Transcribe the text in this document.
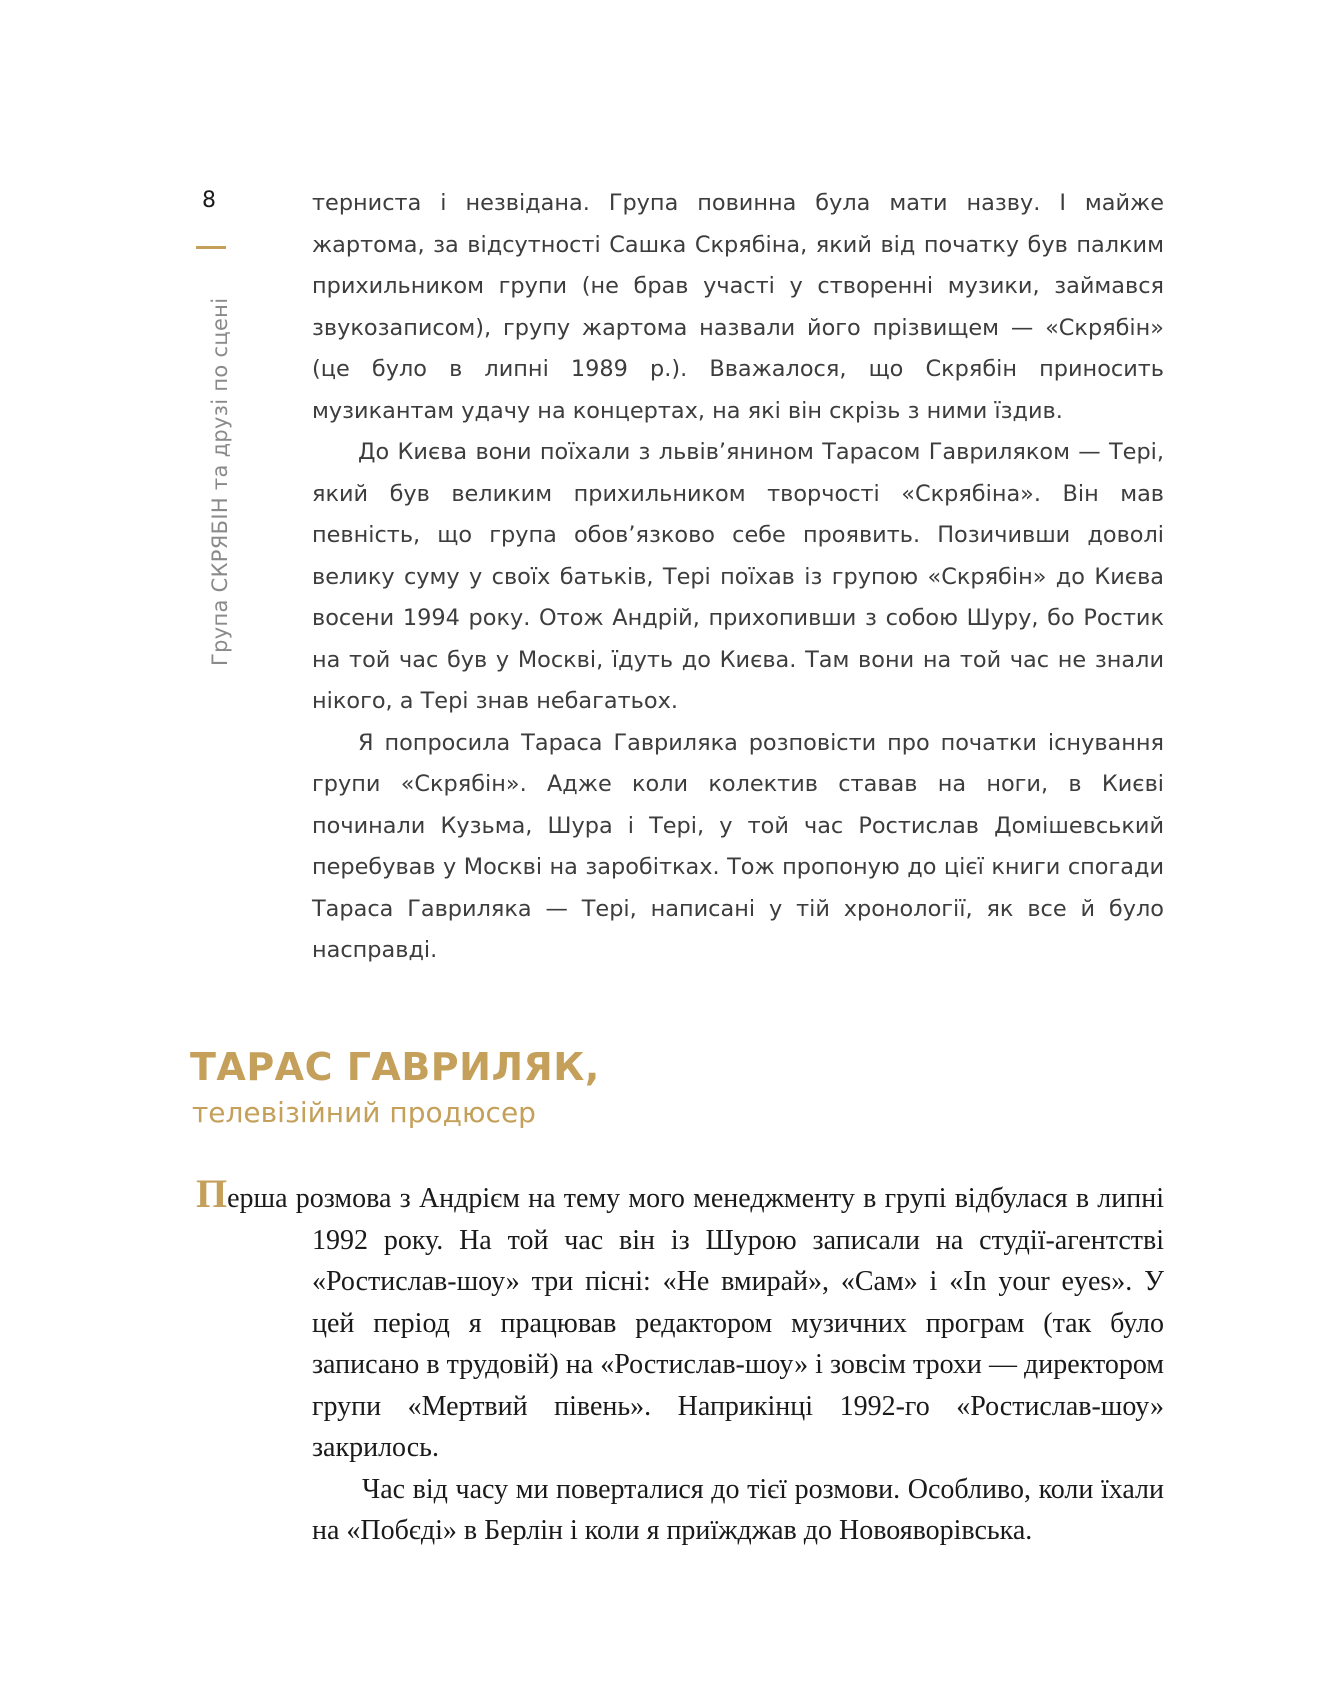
8
Група СКРЯБІН та друзі по сцені

терниста і незвідана. Група повинна була мати назву. І майже жартома, за відсутності Сашка Скрябіна, який від початку був палким прихильником групи (не брав участі у створенні музики, займався звукозаписом), групу жартома назвали його прізвищем — «Скрябін» (це було в липні 1989 р.). Вважалося, що Скрябін приносить музикантам удачу на концертах, на які він скрізь з ними їздив.

До Києва вони поїхали з львів’янином Тарасом Гавриляком — Тері, який був великим прихильником творчості «Скрябіна». Він мав певність, що група обов’язково себе проявить. Позичивши доволі велику суму у своїх батьків, Тері поїхав із групою «Скрябін» до Києва восени 1994 року. Отож Андрій, прихопивши з собою Шуру, бо Ростик на той час був у Москві, їдуть до Києва. Там вони на той час не знали нікого, а Тері знав небагатьох.

Я попросила Тараса Гавриляка розповісти про початки існування групи «Скрябін». Адже коли колектив ставав на ноги, в Києві починали Кузьма, Шура і Тері, у той час Ростислав Домішевський перебував у Москві на заробітках. Тож пропоную до цієї книги спогади Тараса Гавриляка — Тері, написані у тій хронології, як все й було насправді.

ТАРАС ГАВРИЛЯК,
телевізійний продюсер

Перша розмова з Андрієм на тему мого менеджменту в групі відбулася в липні 1992 року. На той час він із Шурою записали на студії-агентстві «Ростислав-шоу» три пісні: «Не вмирай», «Сам» і «In your eyes». У цей період я працював редактором музичних програм (так було записано в трудовій) на «Ростислав-шоу» і зовсім трохи — директором групи «Мертвий півень». Наприкінці 1992-го «Ростислав-шоу» закрилось.

Час від часу ми поверталися до тієї розмови. Особливо, коли їхали на «Побєді» в Берлін і коли я приїжджав до Новояворівська.
